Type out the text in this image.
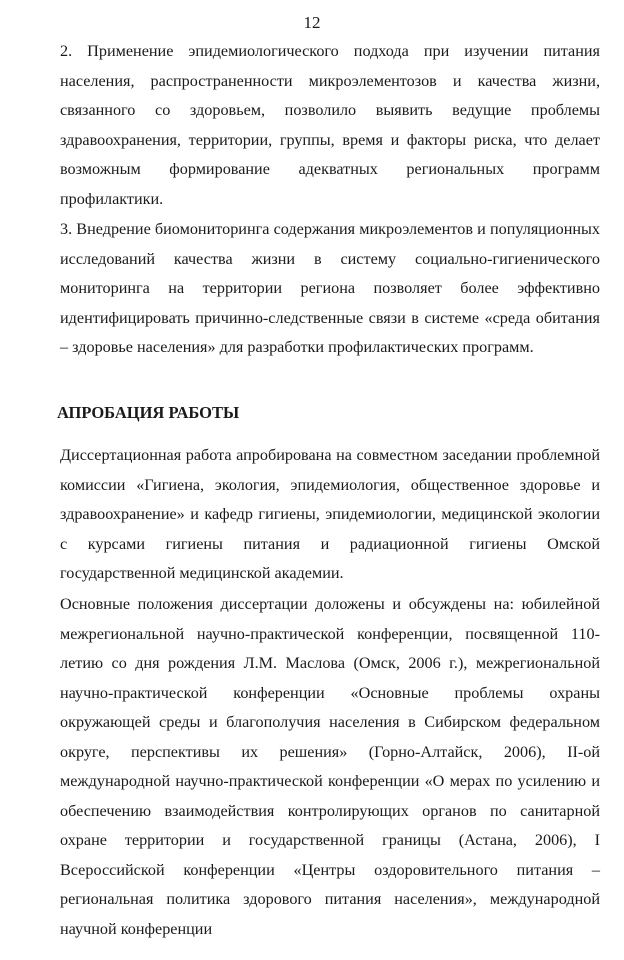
12

2. Применение эпидемиологического подхода при изучении питания населения, распространенности микроэлементозов и качества жизни, связанного со здоровьем, позволило выявить ведущие проблемы здравоохранения, территории, группы, время и факторы риска, что делает возможным формирование адекватных региональных программ профилактики.

3. Внедрение биомониторинга содержания микроэлементов и популяционных исследований качества жизни в систему социально-гигиенического мониторинга на территории региона позволяет более эффективно идентифицировать причинно-следственные связи в системе «среда обитания – здоровье населения» для разработки профилактических программ.

АПРОБАЦИЯ РАБОТЫ

Диссертационная работа апробирована на совместном заседании проблемной комиссии «Гигиена, экология, эпидемиология, общественное здоровье и здравоохранение» и кафедр гигиены, эпидемиологии, медицинской экологии с курсами гигиены питания и радиационной гигиены Омской государственной медицинской академии.

Основные положения диссертации доложены и обсуждены на: юбилейной межрегиональной научно-практической конференции, посвященной 110-летию со дня рождения Л.М. Маслова (Омск, 2006 г.), межрегиональной научно-практической конференции «Основные проблемы охраны окружающей среды и благополучия населения в Сибирском федеральном округе, перспективы их решения» (Горно-Алтайск, 2006), II-ой международной научно-практической конференции «О мерах по усилению и обеспечению взаимодействия контролирующих органов по санитарной охране территории и государственной границы (Астана, 2006), I Всероссийской конференции «Центры оздоровительного питания – региональная политика здорового питания населения», международной научной конференции
